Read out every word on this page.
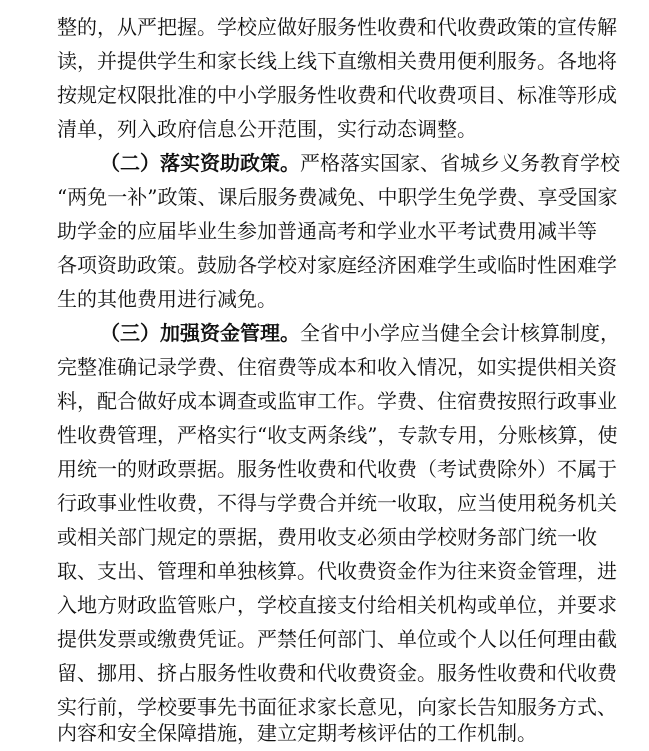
整的，从严把握。学校应做好服务性收费和代收费政策的宣传解
读，并提供学生和家长线上线下直缴相关费用便利服务。各地将
按规定权限批准的中小学服务性收费和代收费项目、标准等形成
清单，列入政府信息公开范围，实行动态调整。
（二）落实资助政策。严格落实国家、省城乡义务教育学校
“两免一补”政策、课后服务费减免、中职学生免学费、享受国家
助学金的应届毕业生参加普通高考和学业水平考试费用减半等
各项资助政策。鼓励各学校对家庭经济困难学生或临时性困难学
生的其他费用进行减免。
（三）加强资金管理。全省中小学应当健全会计核算制度，
完整准确记录学费、住宿费等成本和收入情况，如实提供相关资
料，配合做好成本调查或监审工作。学费、住宿费按照行政事业
性收费管理，严格实行“收支两条线”，专款专用，分账核算，使
用统一的财政票据。服务性收费和代收费（考试费除外）不属于
行政事业性收费，不得与学费合并统一收取，应当使用税务机关
或相关部门规定的票据，费用收支必须由学校财务部门统一收
取、支出、管理和单独核算。代收费资金作为往来资金管理，进
入地方财政监管账户，学校直接支付给相关机构或单位，并要求
提供发票或缴费凭证。严禁任何部门、单位或个人以任何理由截
留、挪用、挤占服务性收费和代收费资金。服务性收费和代收费
实行前，学校要事先书面征求家长意见，向家长告知服务方式、
内容和安全保障措施，建立定期考核评估的工作机制。
